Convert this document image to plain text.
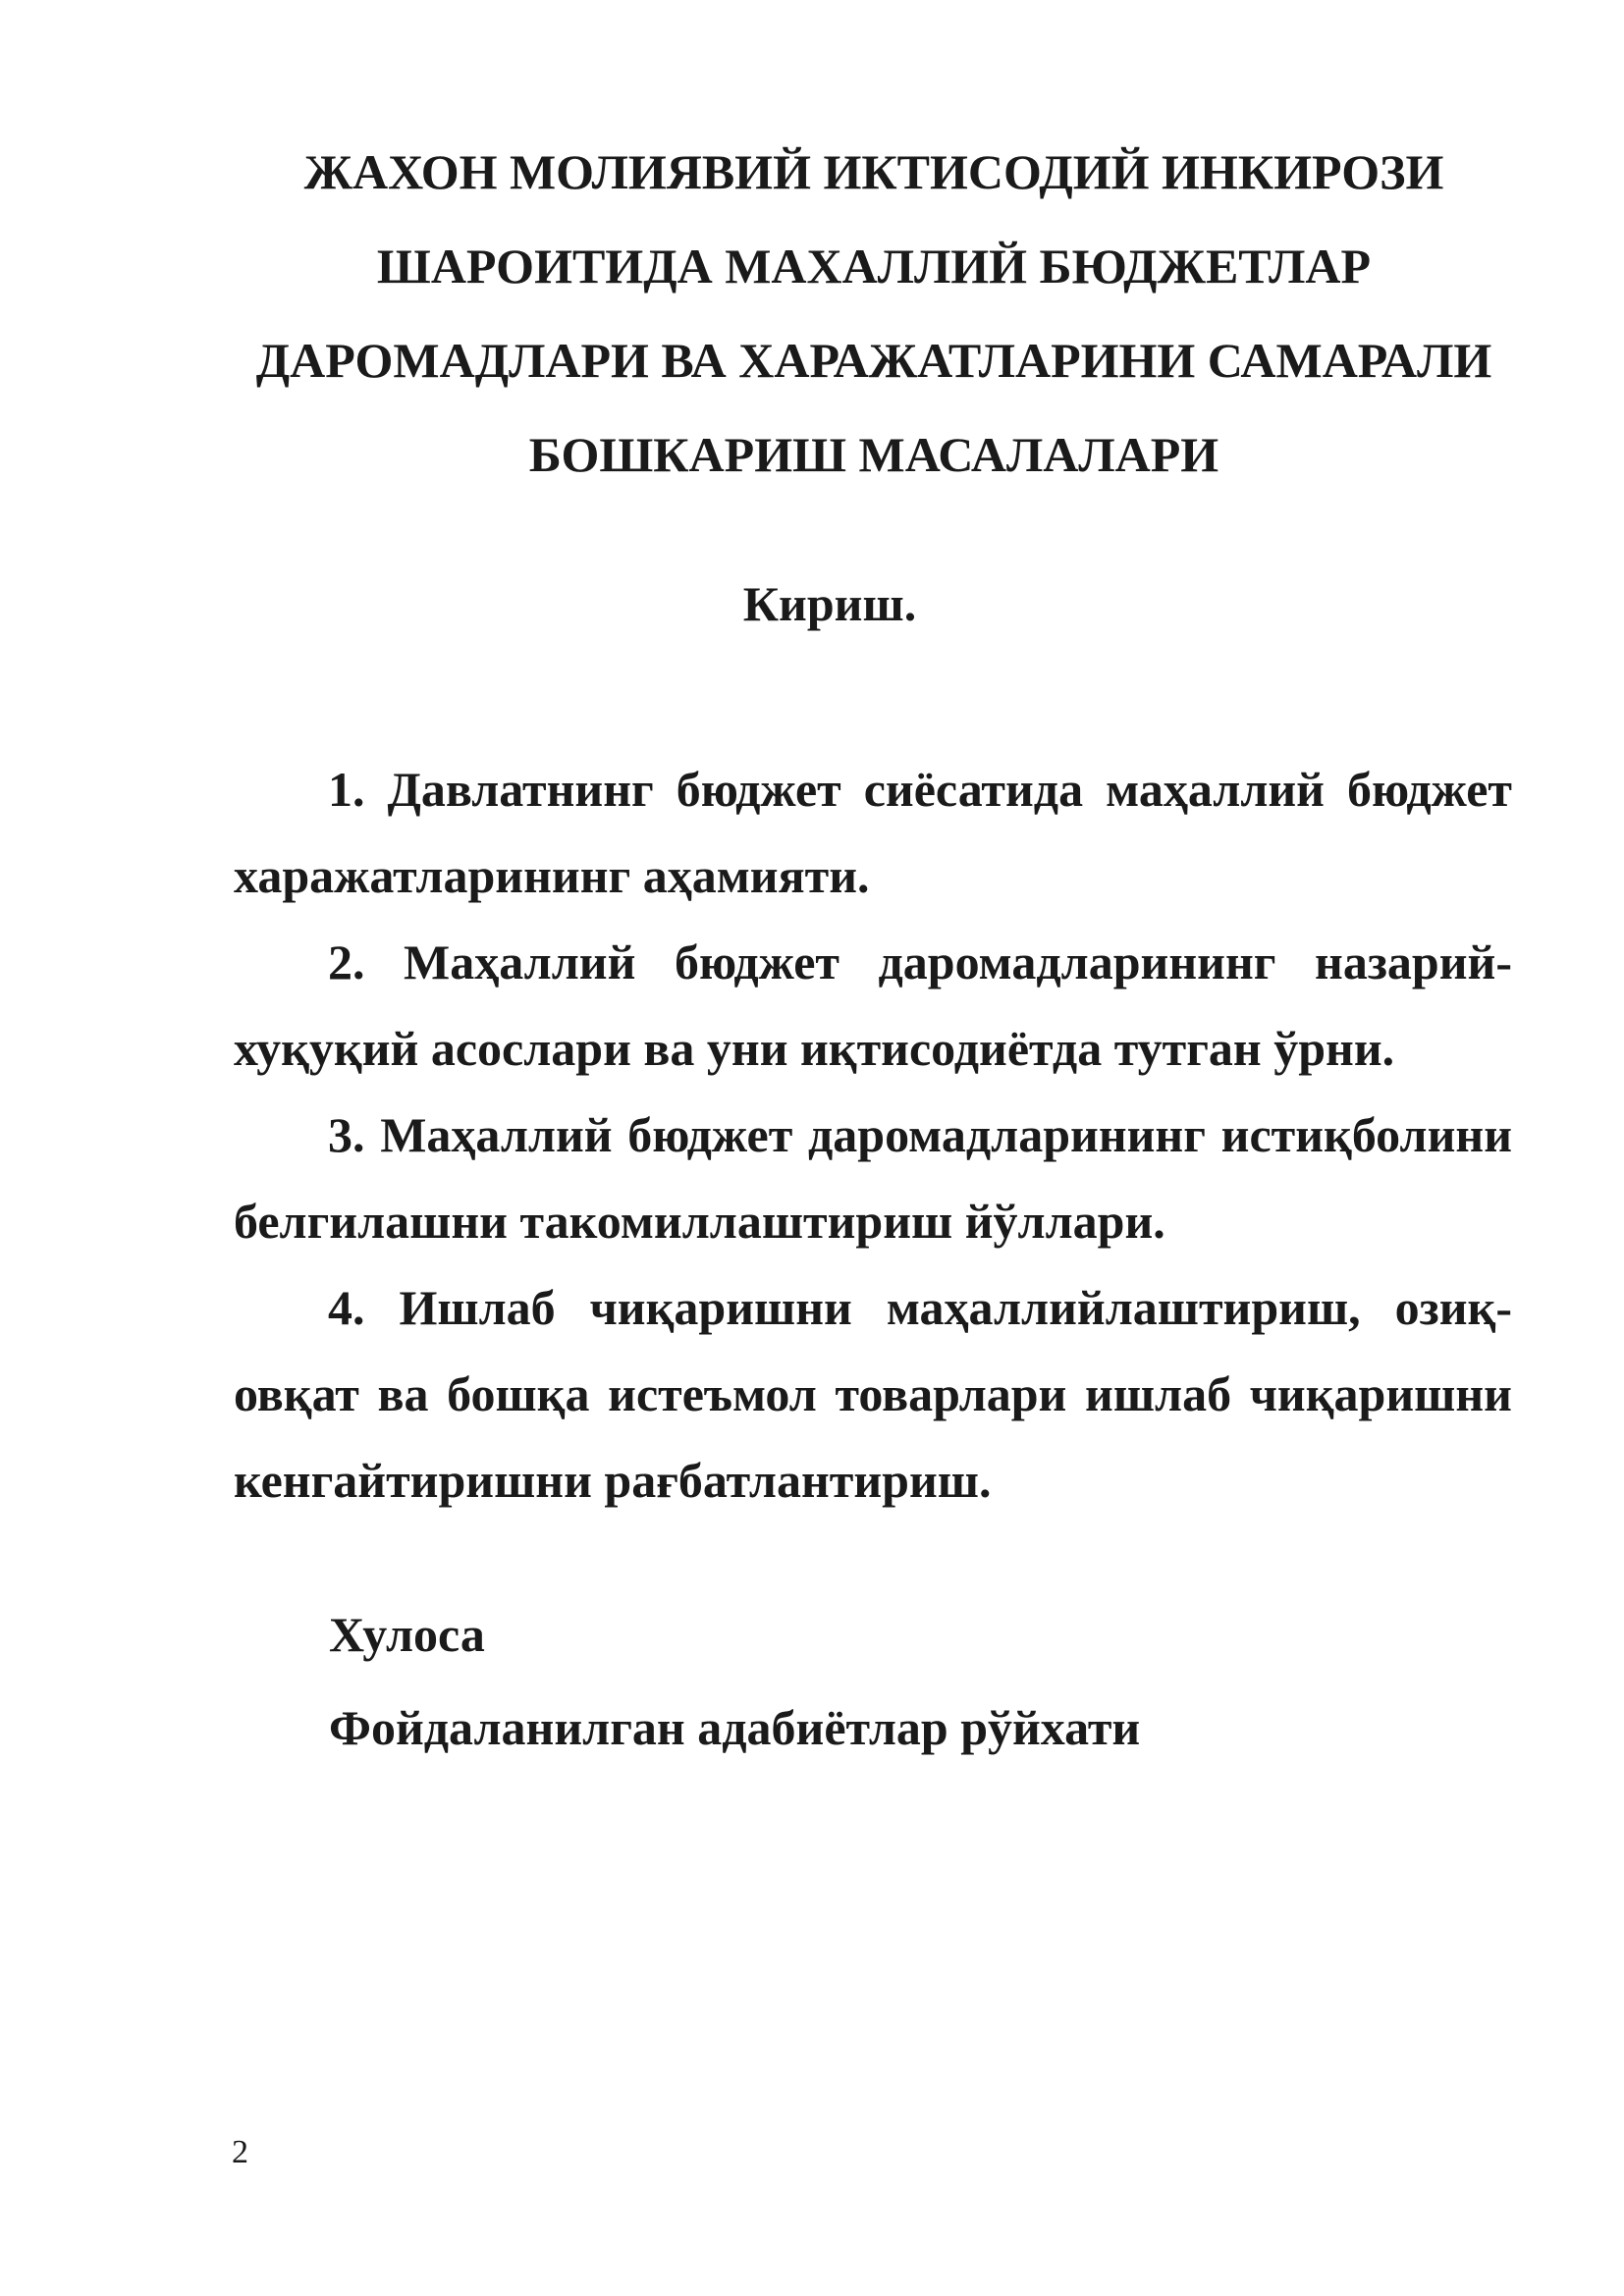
ЖАХОН МОЛИЯВИЙ ИКТИСОДИЙ ИНКИРОЗИ
ШАРОИТИДА МАХАЛЛИЙ БЮДЖЕТЛАР
ДАРОМАДЛАРИ ВА ХАРАЖАТЛАРИНИ САМАРАЛИ
БОШКАРИШ МАСАЛАЛАРИ
Кириш.

1. Давлатнинг бюджет сиёсатида маҳаллий бюджет харажатларининг аҳамияти.

2. Маҳаллий бюджет даромадларининг назарий-хуқуқий асослари ва уни иқтисодиётда тутган ўрни.

3. Маҳаллий бюджет даромадларининг истиқболини белгилашни такомиллаштириш йўллари.

4. Ишлаб чиқаришни маҳаллийлаштириш, озиқ-овқат ва бошқа истеъмол товарлари ишлаб чиқаришни кенгайтиришни рағбатлантириш.

Хулоса
Фойдаланилган адабиётлар рўйхати
2
